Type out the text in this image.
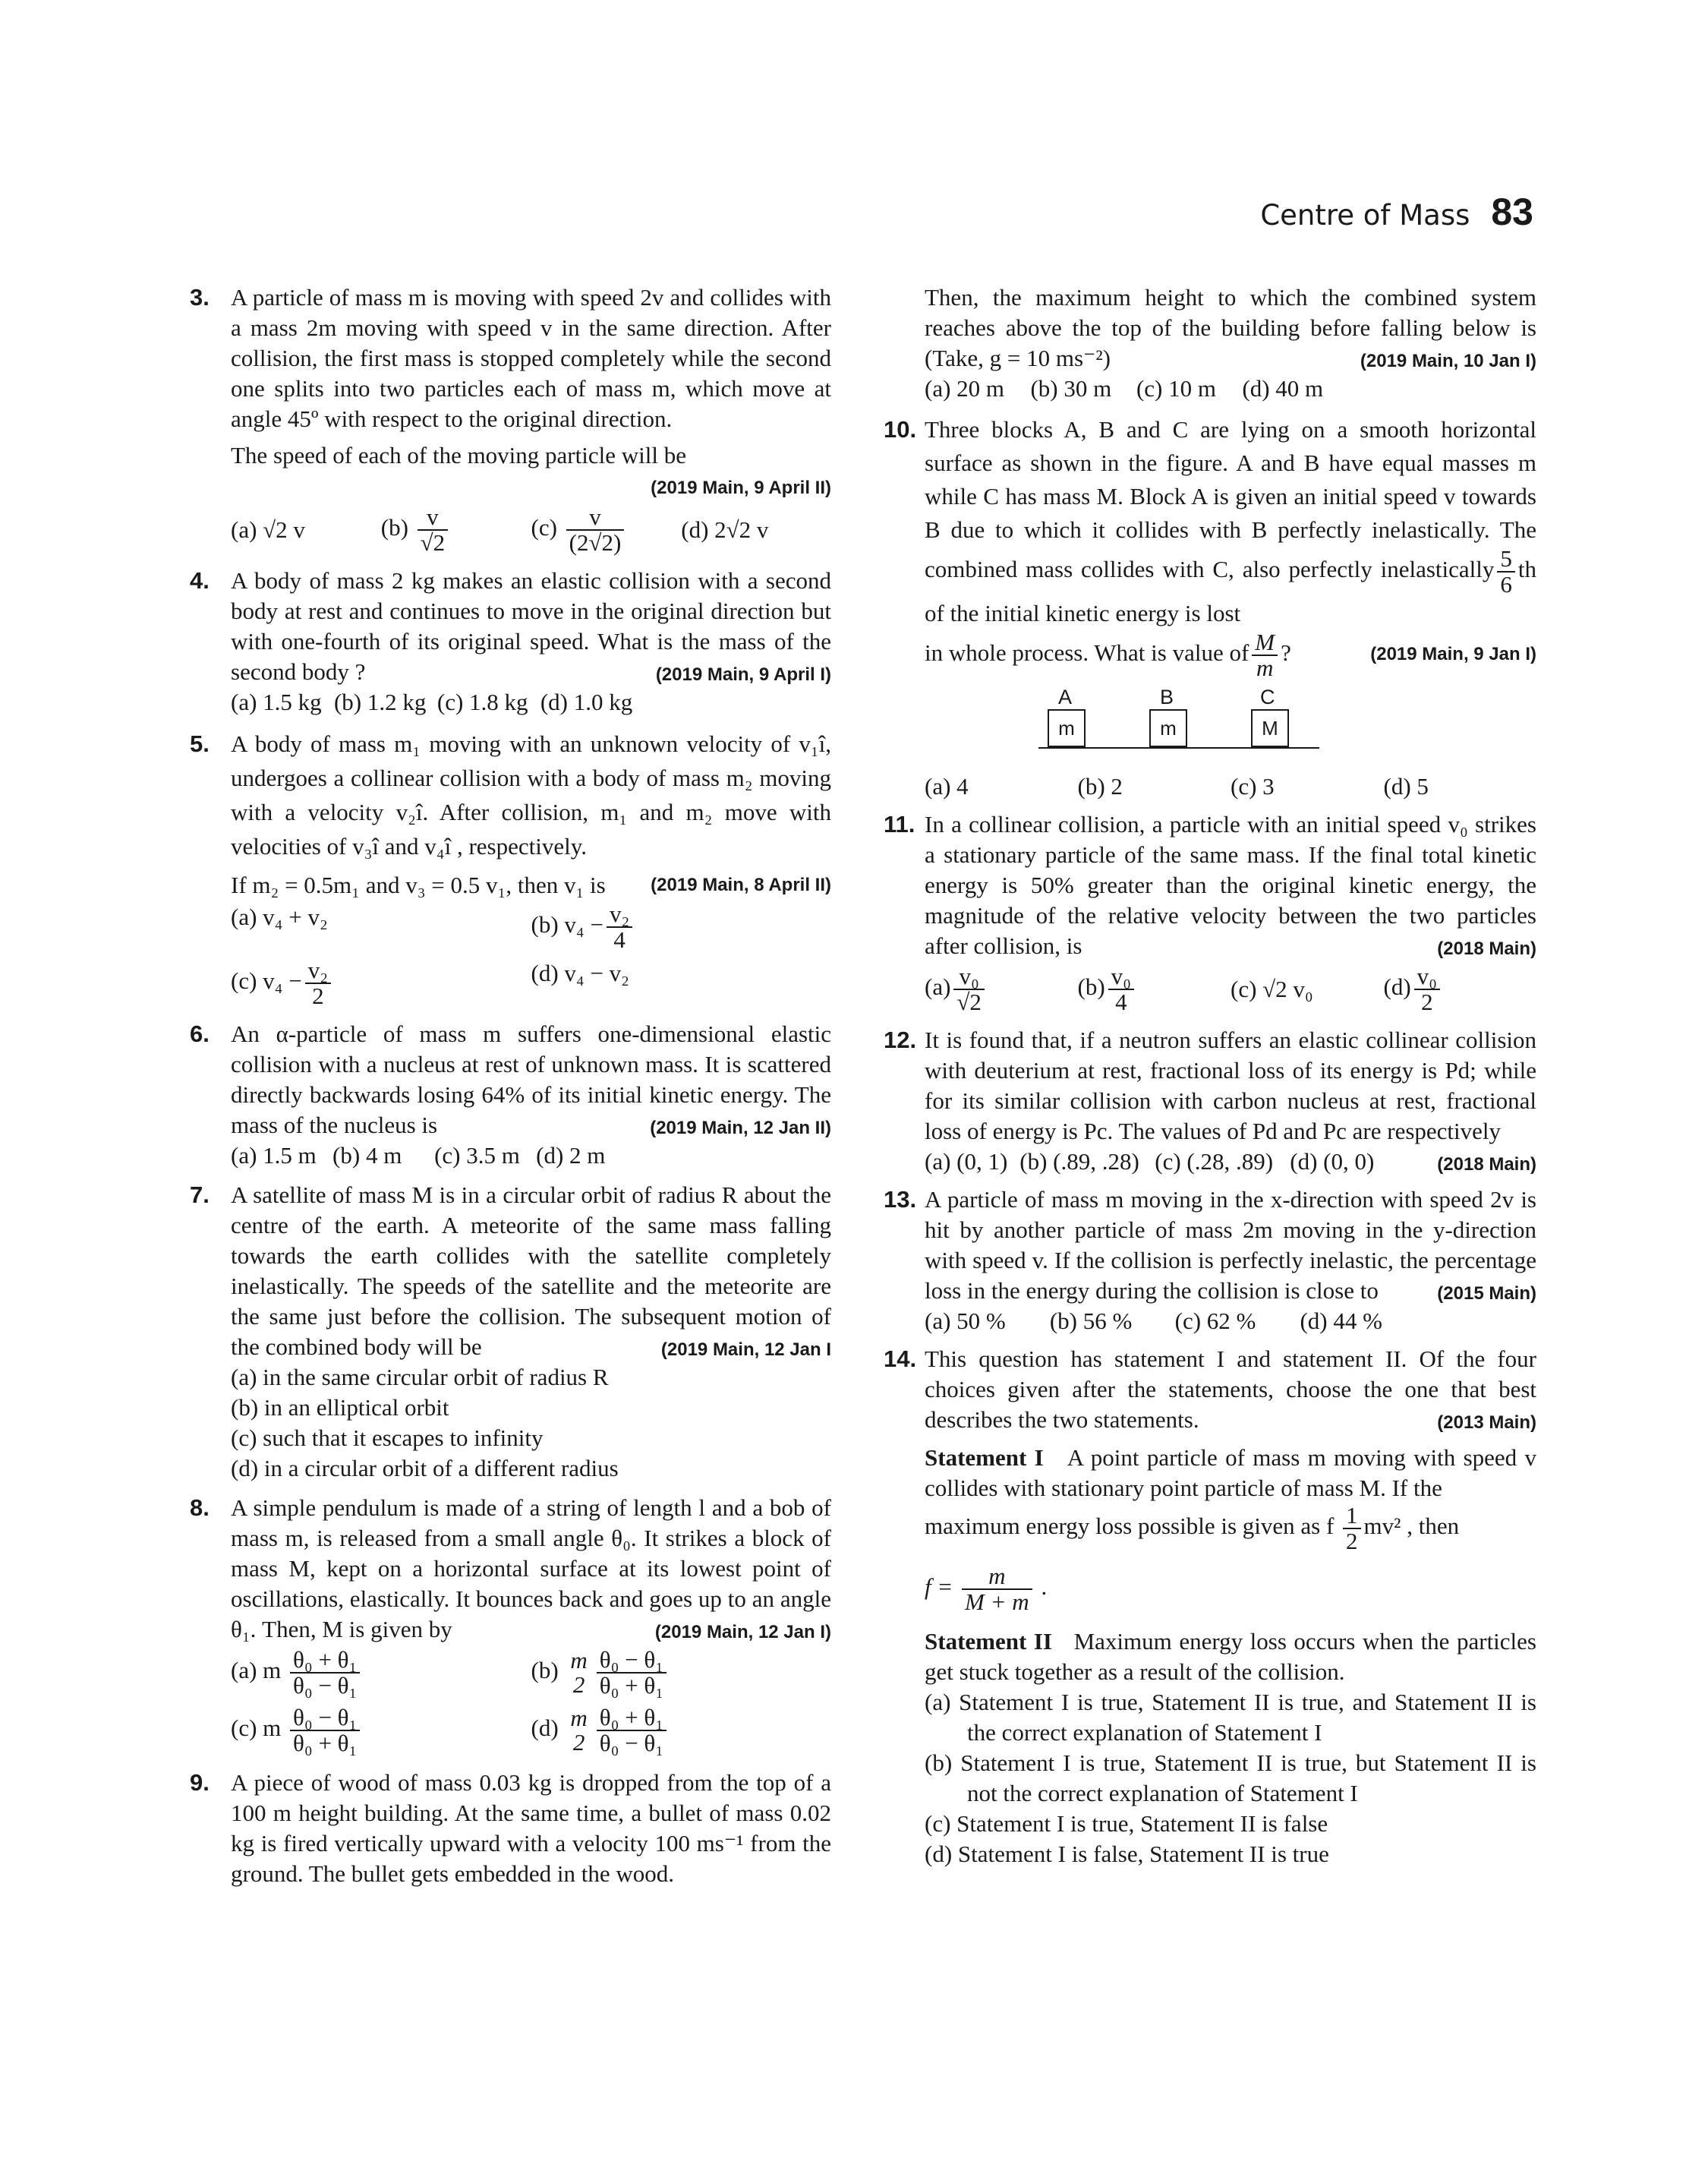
Centre of Mass 83
3. A particle of mass m is moving with speed 2v and collides with a mass 2m moving with speed v in the same direction. After collision, the first mass is stopped completely while the second one splits into two particles each of mass m, which move at angle 45º with respect to the original direction.
The speed of each of the moving particle will be
(2019 Main, 9 April II)
(a) √2 v	$(b) \frac{v}{√2}$	$(c) \frac{v}{(2√2)} (d)$ 2√2 v
4. A body of mass 2 kg makes an elastic collision with a second body at rest and continues to move in the original direction but with one-fourth of its original speed. What is the mass of the second body ?	(2019 Main, 9 April I)
(a) 1.5 kg (b) 1.2 kg (c) 1.8 kg (d) 1.0 kg
5. A body of mass m₁ moving with an unknown velocity of v₁î, undergoes a collinear collision with a body of mass m₂ moving with a velocity v₂î. After collision, m₁ and m₂ move with velocities of v₃î and v₄î , respectively.
If m₂ = 0.5m₁ and v₃ = 0.5 v₁, then v₁ is (2019 Main, 8 April II)
(a) v₄ + v₂	(b) $v_4 - \frac{\text{v₂}}{4}$
(c) $v_4 - \frac{\text{v₂}}{2}$	(d) v₄ − v₂
6. An α-particle of mass m suffers one-dimensional elastic collision with a nucleus at rest of unknown mass. It is scattered directly backwards losing 64% of its initial kinetic energy. The mass of the nucleus is	(2019 Main, 12 Jan II)
(a) 1.5 m (b) 4 m	(c) 3.5 m (d) 2 m
7. A satellite of mass M is in a circular orbit of radius R about the centre of the earth. A meteorite of the same mass falling towards the earth collides with the satellite completely inelastically. The speeds of the satellite and the meteorite are the same just before the collision. The subsequent motion of the combined body will be	(2019 Main, 12 Jan I
(a) in the same circular orbit of radius R
(b) in an elliptical orbit
(c) such that it escapes to infinity
(d) in a circular orbit of a different radius
8. A simple pendulum is made of a string of length l and a bob of mass m, is released from a small angle θ₀. It strikes a block of mass M, kept on a horizontal surface at its lowest point of oscillations, elastically. It bounces back and goes up to an angle θ₁. Then, M is given by	(2019 Main, 12 Jan I)
(a) m $\frac{\text{θ₀ + θ₁}}{\text{θ₀ − θ₁}}$	(b) m
$2 \frac{\text{θ₀ − θ₁}}{\text{θ₀ + θ₁}}$
(c) m $\frac{\text{θ₀ − θ₁}}{\text{θ₀ + θ₁}}$	(d) m
$2 \frac{\text{θ₀ + θ₁}}{\text{θ₀ − θ₁}}$
9. A piece of wood of mass 0.03 kg is dropped from the top of a 100 m height building. At the same time, a bullet of mass 0.02 kg is fired vertically upward with a velocity 100 ms⁻¹ from the ground. The bullet gets embedded in the wood.
Then, the maximum height to which the combined system reaches above the top of the building before falling below is (Take, g = 10 ms⁻²)	(2019 Main, 10 Jan I)
(a) 20 m	(b) 30 m	(c) 10 m	(d) 40 m
10. Three blocks A, B and C are lying on a smooth horizontal surface as shown in the figure. A and B have equal masses m while C has mass M. Block A is given an initial speed v towards B due to which it collides with B perfectly inelastically. The combined mass collides with C, also perfectly inelastically $\frac{5}{6}$ th of the initial kinetic energy is lost
in whole process. What is value of $\frac{M}{m}$ ?	(2019 Main, 9 Jan I)
A	B	C
m	m	M
(a) 4	(b) 2	(c) 3	(d) 5
11. In a collinear collision, a particle with an initial speed v₀ strikes a stationary particle of the same mass. If the final total kinetic energy is 50% greater than the original kinetic energy, the magnitude of the relative velocity between the two particles after collision, is	(2018 Main)
$(a) \frac{\text{v₀}}{√2}$	$(b) \frac{\text{v₀}}{4}$	(c) √2 v₀	$(d) \frac{\text{v₀}}{2}$
12. It is found that, if a neutron suffers an elastic collinear collision with deuterium at rest, fractional loss of its energy is Pd; while for its similar collision with carbon nucleus at rest, fractional loss of energy is Pc. The values of Pd and Pc are respectively
(2018 Main)
(a) (0, 1) (b) (.89, .28) (c) (.28, .89) (d) (0, 0)
13. A particle of mass m moving in the x-direction with speed 2v is hit by another particle of mass 2m moving in the y-direction with speed v. If the collision is perfectly inelastic, the percentage loss in the energy during the collision is close to	(2015 Main)
(a) 50 %	(b) 56 %	(c) 62 %	(d) 44 %
14. This question has statement I and statement II. Of the four choices given after the statements, choose the one that best describes the two statements.	(2013 Main)
Statement I A point particle of mass m moving with speed v collides with stationary point particle of mass M. If the
maximum energy loss possible is given as f $\frac{1}{2} mv^2$ , then
$f = \frac{m}{M + m}$ .
Statement II Maximum energy loss occurs when the particles get stuck together as a result of the collision.
(a) Statement I is true, Statement II is true, and Statement II is the correct explanation of Statement I
(b) Statement I is true, Statement II is true, but Statement II is not the correct explanation of Statement I
(c) Statement I is true, Statement II is false
(d) Statement I is false, Statement II is true
